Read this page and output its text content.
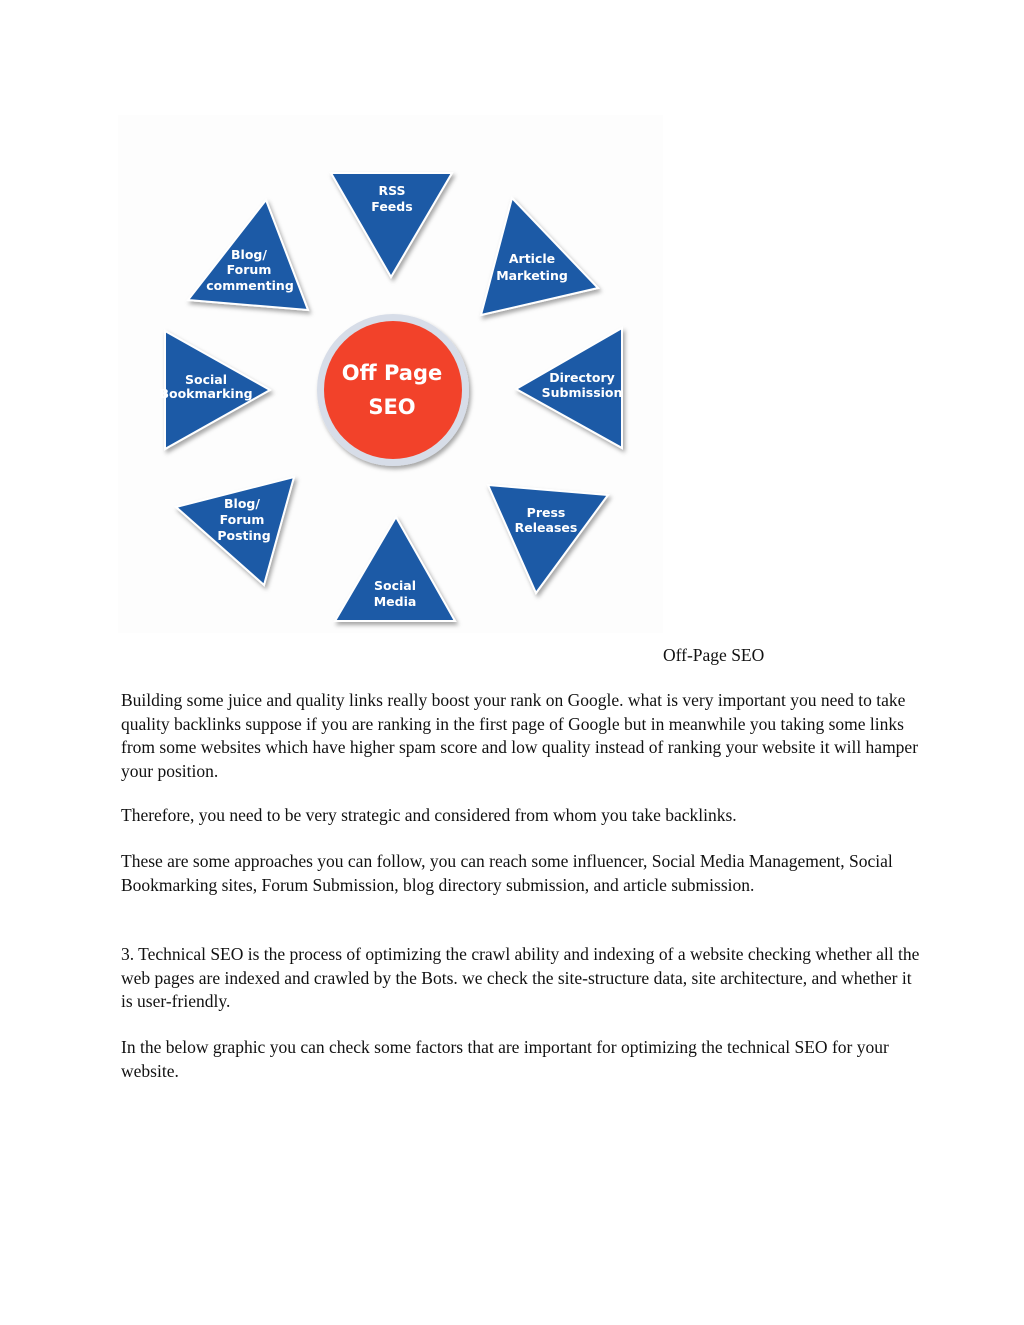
Off Page
SEO
RSS
Feeds
Article
Marketing
Directory
Submission
Press
Releases
Social
Media
Blog/
Forum
Posting
Social
Bookmarking
Blog/
Forum
commenting
Off-Page SEO

Building some juice and quality links really boost your rank on Google. what is very important you need to take quality backlinks suppose if you are ranking in the first page of Google but in meanwhile you taking some links from some websites which have higher spam score and low quality instead of ranking your website it will hamper your position.

Therefore, you need to be very strategic and considered from whom you take backlinks.

These are some approaches you can follow, you can reach some influencer, Social Media Management, Social Bookmarking sites, Forum Submission, blog directory submission, and article submission.

3. Technical SEO is the process of optimizing the crawl ability and indexing of a website checking whether all the web pages are indexed and crawled by the Bots. we check the site-structure data, site architecture, and whether it is user-friendly.

In the below graphic you can check some factors that are important for optimizing the technical SEO for your website.
